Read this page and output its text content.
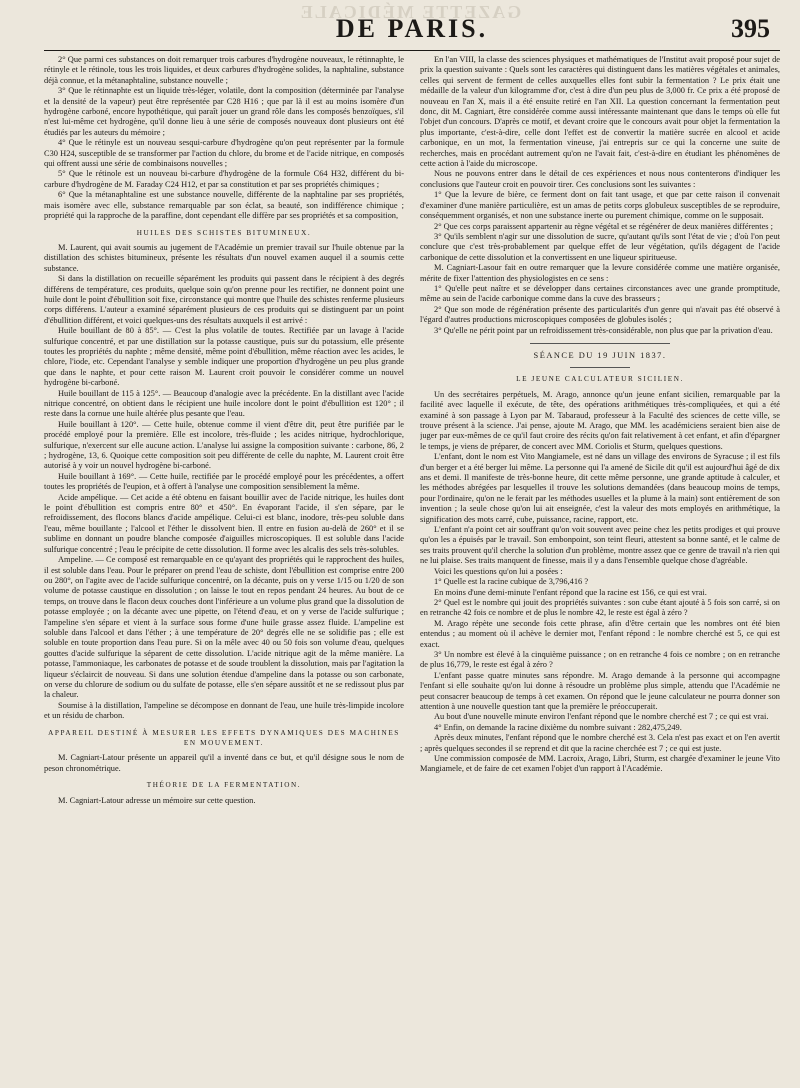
GAZETTE MÉDICALE
DE PARIS.	395

2° Que parmi ces substances on doit remarquer trois carbures d'hydrogène nouveaux, le rétinnaphte, le rétinyle et le rétinole, tous les trois liquides, et deux carbures d'hydrogène solides, la naphtaline, substance déjà connue, et la métanaphtaline, substance nouvelle ;

3° Que le rétinnaphte est un liquide très-léger, volatile, dont la composition (déterminée par l'analyse et la densité de la vapeur) peut être représentée par C28 H16 ; que par là il est au moins isomère d'un hydrogène carboné, encore hypothétique, qui paraît jouer un grand rôle dans les composés benzoïques, s'il n'est lui-même cet hydrogène, qu'il donne lieu à une série de composés nouveaux dont plusieurs ont été étudiés par les auteurs du mémoire ;

4° Que le rétinyle est un nouveau sesqui-carbure d'hydrogène qu'on peut représenter par la formule C30 H24, susceptible de se transformer par l'action du chlore, du brome et de l'acide nitrique, en composés qui offrent aussi une série de combinaisons nouvelles ;

5° Que le rétinole est un nouveau bi-carbure d'hydrogène de la formule C64 H32, différent du bi-carbure d'hydrogène de M. Faraday C24 H12, et par sa constitution et par ses propriétés chimiques ;

6° Que la métanaphtaline est une substance nouvelle, différente de la naphtaline par ses propriétés, mais isomère avec elle, substance remarquable par son éclat, sa beauté, son indifférence chimique ; propriété qui la rapproche de la paraffine, dont cependant elle diffère par ses propriétés et sa composition,

HUILES DES SCHISTES BITUMINEUX.

M. Laurent, qui avait soumis au jugement de l'Académie un premier travail sur l'huile obtenue par la distillation des schistes bitumineux, présente les résultats d'un nouvel examen auquel il a soumis cette substance.

Si dans la distillation on recueille séparément les produits qui passent dans le récipient à des degrés différens de température, ces produits, quelque soin qu'on prenne pour les rectifier, ne donnent point une huile dont le point d'ébullition soit fixe, circonstance qui montre que l'huile des schistes renferme plusieurs corps différens. L'auteur a examiné séparément plusieurs de ces produits qui se distinguent par un point d'ébullition différent, et voici quelques-uns des résultats auxquels il est arrivé :

Huile bouillant de 80 à 85°. — C'est la plus volatile de toutes. Rectifiée par un lavage à l'acide sulfurique concentré, et par une distillation sur la potasse caustique, puis sur du potassium, elle présente toutes les propriétés du naphte ; même densité, même point d'ébullition, même réaction avec les acides, le chlore, l'iode, etc. Cependant l'analyse y semble indiquer une proportion d'hydrogène un peu plus grande que dans le naphte, et pour cette raison M. Laurent croit pouvoir le considérer comme un nouvel hydrogène bi-carboné.

Huile bouillant de 115 à 125°. — Beaucoup d'analogie avec la précédente. En la distillant avec l'acide nitrique concentré, on obtient dans le récipient une huile incolore dont le point d'ébullition est 120° ; il reste dans la cornue une huile altérée plus pesante que l'eau.

Huile bouillant à 120°. — Cette huile, obtenue comme il vient d'être dit, peut être purifiée par le procédé employé pour la première. Elle est incolore, très-fluide ; les acides nitrique, hydrochlorique, sulfurique, n'exercent sur elle aucune action. L'analyse lui assigne la composition suivante : carbone, 86, 2 ; hydrogène, 13, 6. Quoique cette composition soit peu différente de celle du naphte, M. Laurent croit être autorisé à y voir un nouvel hydrogène bi-carboné.

Huile bouillant à 169°. — Cette huile, rectifiée par le procédé employé pour les précédentes, a offert toutes les propriétés de l'eupion, et à offert à l'analyse une composition sensiblement la même.

Acide ampélique. — Cet acide a été obtenu en faisant bouillir avec de l'acide nitrique, les huiles dont le point d'ébullition est compris entre 80° et 450°. En évaporant l'acide, il s'en sépare, par le refroidissement, des flocons blancs d'acide ampélique. Celui-ci est blanc, inodore, très-peu soluble dans l'eau, même bouillante ; l'alcool et l'éther le dissolvent bien. Il entre en fusion au-delà de 260° et il se sublime en donnant un poudre blanche composée d'aiguilles microscopiques. Il est soluble dans l'acide sulfurique concentré ; l'eau le précipite de cette dissolution. Il forme avec les alcalis des sels très-solubles.

Ampeline. — Ce composé est remarquable en ce qu'ayant des propriétés qui le rapprochent des huiles, il est soluble dans l'eau. Pour le préparer on prend l'eau de schiste, dont l'ébullition est comprise entre 200 ou 280°, on l'agite avec de l'acide sulfurique concentré, on la décante, puis on y verse 1/15 ou 1/20 de son volume de potasse caustique en dissolution ; on laisse le tout en repos pendant 24 heures. Au bout de ce temps, on trouve dans le flacon deux couches dont l'inférieure a un volume plus grand que la dissolution de potasse employée ; on la décante avec une pipette, on l'étend d'eau, et on y verse de l'acide sulfurique ; l'ampeline s'en sépare et vient à la surface sous forme d'une huile grasse assez fluide. L'ampeline est soluble dans l'alcool et dans l'éther ; à une température de 20° degrés elle ne se solidifie pas ; elle est soluble en toute proportion dans l'eau pure. Si on la mêle avec 40 ou 50 fois son volume d'eau, quelques gouttes d'acide sulfurique la séparent de cette dissolution. L'acide nitrique agit de la même manière. La potasse, l'ammoniaque, les carbonates de potasse et de soude troublent la dissolution, mais par l'agitation la liqueur s'éclaircit de nouveau. Si dans une solution étendue d'ampeline dans la potasse ou son carbonate, on verse du chlorure de sodium ou du sulfate de potasse, elle s'en sépare aussitôt et ne se redissout plus par la chaleur.

Soumise à la distillation, l'ampeline se décompose en donnant de l'eau, une huile très-limpide incolore et un résidu de charbon.

APPAREIL DESTINÉ À MESURER LES EFFETS DYNAMIQUES DES MACHINES EN MOUVEMENT.

M. Cagniart-Latour présente un appareil qu'il a inventé dans ce but, et qu'il désigne sous le nom de peson chronométrique.

THÉORIE DE LA FERMENTATION.

M. Cagniart-Latour adresse un mémoire sur cette question.

En l'an VIII, la classe des sciences physiques et mathématiques de l'Institut avait proposé pour sujet de prix la question suivante : Quels sont les caractères qui distinguent dans les matières végétales et animales, celles qui servent de ferment de celles auxquelles elles font subir la fermentation ? Le prix était une médaille de la valeur d'un kilogramme d'or, c'est à dire d'un peu plus de 3,000 fr. Ce prix a été proposé de nouveau en l'an X, mais il a été ensuite retiré en l'an XII. La question concernant la fermentation peut donc, dit M. Cagniart, être considérée comme aussi intéressante maintenant que dans le temps où elle fut l'objet d'un concours. D'après ce motif, et devant croire que le concours avait pour objet la fermentation la plus importante, c'est-à-dire, celle dont l'effet est de convertir la matière sucrée en alcool et acide carbonique, en un mot, la fermentation vineuse, j'ai entrepris sur ce qui la concerne une suite de recherches, mais en procédant autrement qu'on ne l'avait fait, c'est-à-dire en étudiant les phénomènes de cette action à l'aide du microscope.

Nous ne pouvons entrer dans le détail de ces expériences et nous nous contenterons d'indiquer les conclusions que l'auteur croit en pouvoir tirer. Ces conclusions sont les suivantes :

1° Que la levure de bière, ce ferment dont on fait tant usage, et que par cette raison il convenait d'examiner d'une manière particulière, est un amas de petits corps globuleux susceptibles de se reproduire, conséquemment organisés, et non une substance inerte ou purement chimique, comme on le supposait.

2° Que ces corps paraissent appartenir au règne végétal et se régénérer de deux manières différentes ;

3° Qu'ils semblent n'agir sur une dissolution de sucre, qu'autant qu'ils sont l'état de vie ; d'où l'on peut conclure que c'est très-probablement par quelque effet de leur végétation, qu'ils dégagent de l'acide carbonique de cette dissolution et la convertissent en une liqueur spiritueuse.

M. Cagniart-Lasour fait en outre remarquer que la levure considérée comme une matière organisée, mérite de fixer l'attention des physiologistes en ce sens :

1° Qu'elle peut naître et se développer dans certaines circonstances avec une grande promptitude, même au sein de l'acide carbonique comme dans la cuve des brasseurs ;

2° Que son mode de régénération présente des particularités d'un genre qui n'avait pas été observé à l'égard d'autres productions microscopiques composées de globules isolés ;

3° Qu'elle ne périt point par un refroidissement très-considérable, non plus que par la privation d'eau.

SÉANCE DU 19 JUIN 1837.
LE JEUNE CALCULATEUR SICILIEN.

Un des secrétaires perpétuels, M. Arago, annonce qu'un jeune enfant sicilien, remarquable par la facilité avec laquelle il exécute, de tête, des opérations arithmétiques très-compliquées, et qui a été examiné à son passage à Lyon par M. Tabaraud, professeur à la Faculté des sciences de cette ville, se trouve présent à la science. J'ai pense, ajoute M. Arago, que MM. les académiciens seraient bien aise de juger par eux-mêmes de ce qu'il faut croire des récits qu'on fait relativement à cet enfant, et afin d'épargner le temps, je viens de préparer, de concert avec MM. Coriolis et Sturm, quelques questions.

L'enfant, dont le nom est Vito Mangiamele, est né dans un village des environs de Syracuse ; il est fils d'un berger et a été berger lui même. La personne qui l'a amené de Sicile dit qu'il est aujourd'hui âgé de dix ans et demi. Il manifeste de très-bonne heure, dit cette même personne, une grande aptitude à calculer, et les méthodes abrégées par lesquelles il trouve les solutions demandées (dans beaucoup moins de temps, pour l'ordinaire, qu'on ne le ferait par les méthodes usuelles et la plume à la main) sont entièrement de son invention ; la seule chose qu'on lui ait enseignée, c'est la valeur des mots employés en arithmétique, la signification des mots carré, cube, puissance, racine, rapport, etc.

L'enfant n'a point cet air souffrant qu'on voit souvent avec peine chez les petits prodiges et qui prouve qu'on les a épuisés par le travail. Son embonpoint, son teint fleuri, attestent sa bonne santé, et le calme de ses traits prouvent qu'il cherche la solution d'un problème, montre assez que ce genre de travail n'a rien qui ne lui plaise. Ses traits manquent de finesse, mais il y a dans l'ensemble quelque chose d'agréable.

Voici les questions qu'on lui a posées :

1° Quelle est la racine cubique de 3,796,416 ?

En moins d'une demi-minute l'enfant répond que la racine est 156, ce qui est vrai.

2° Quel est le nombre qui jouit des propriétés suivantes : son cube étant ajouté à 5 fois son carré, si on en retranche 42 fois ce nombre et de plus le nombre 42, le reste est égal à zéro ?

M. Arago répète une seconde fois cette phrase, afin d'être certain que les nombres ont été bien entendus ; au moment où il achève le dernier mot, l'enfant répond : le nombre cherché est 5, ce qui est exact.

3° Un nombre est élevé à la cinquième puissance ; on en retranche 4 fois ce nombre ; on en retranche de plus 16,779, le reste est égal à zéro ?

L'enfant passe quatre minutes sans répondre. M. Arago demande à la personne qui accompagne l'enfant si elle souhaite qu'on lui donne à résoudre un problème plus simple, attendu que l'Académie ne peut consacrer beaucoup de temps à cet examen. On répond que le jeune calculateur ne pourra donner son attention à une nouvelle question tant que la première le préoccuperait.

Au bout d'une nouvelle minute environ l'enfant répond que le nombre cherché est 7 ; ce qui est vrai.

4° Enfin, on demande la racine dixième du nombre suivant : 282,475,249.

Après deux minutes, l'enfant répond que le nombre cherché est 3. Cela n'est pas exact et on l'en avertit ; après quelques secondes il se reprend et dit que la racine cherchée est 7 ; ce qui est juste.

Une commission composée de MM. Lacroix, Arago, Libri, Sturm, est chargée d'examiner le jeune Vito Mangiamele, et de faire de cet examen l'objet d'un rapport à l'Académie.
